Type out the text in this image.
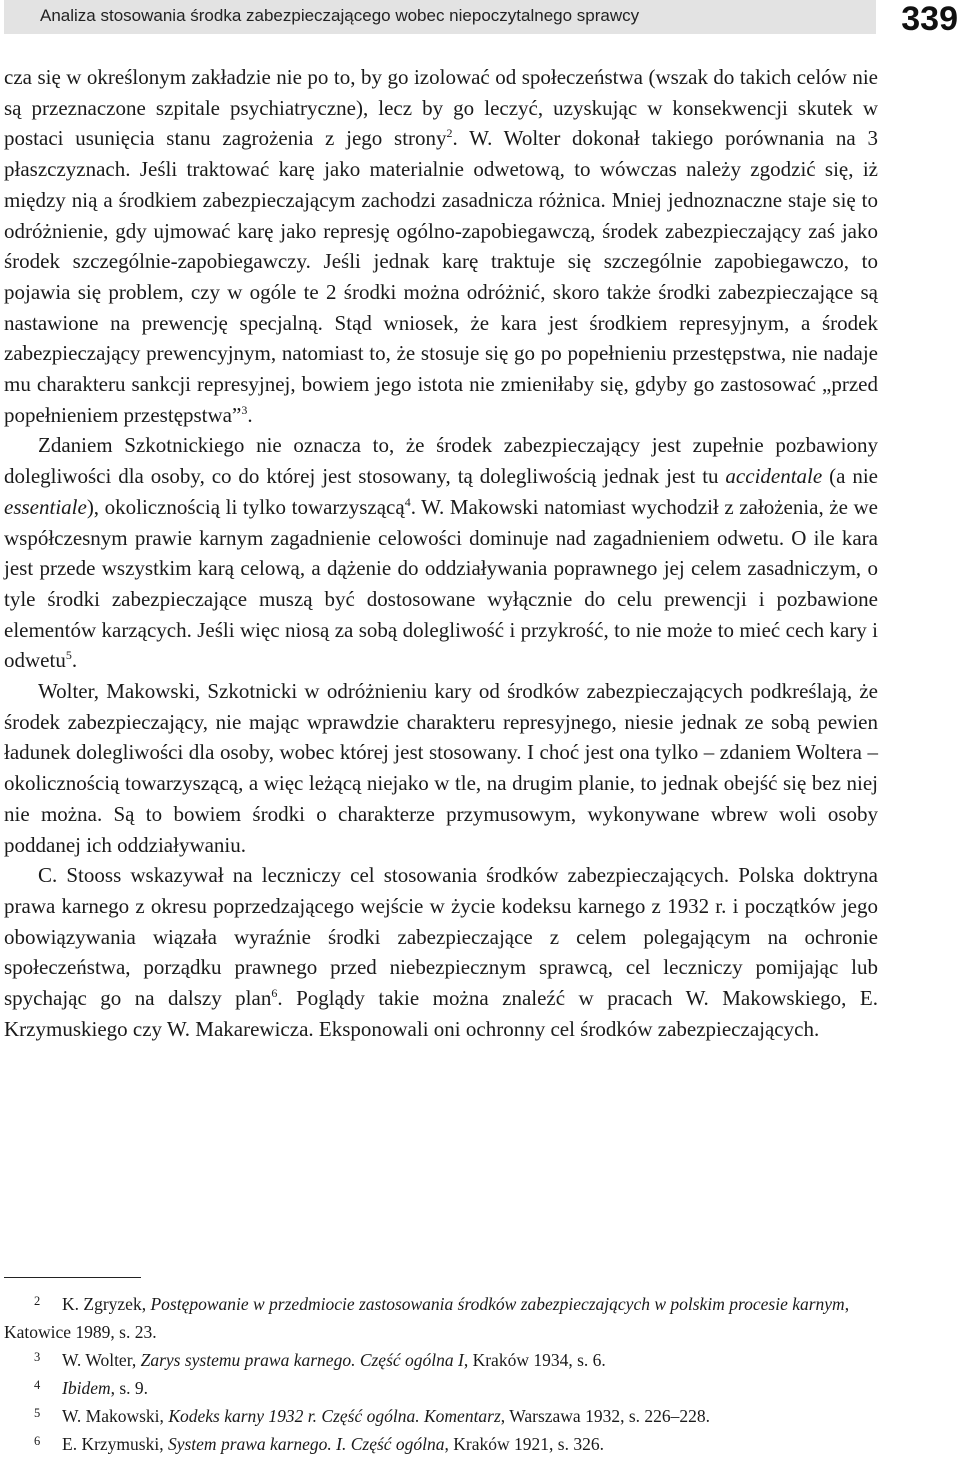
Analiza stosowania środka zabezpieczającego wobec niepoczytalnego sprawcy	339

cza się w określonym zakładzie nie po to, by go izolować od społeczeństwa (wszak do takich celów nie są przeznaczone szpitale psychiatryczne), lecz by go leczyć, uzyskując w konsekwencji skutek w postaci usunięcia stanu zagrożenia z jego strony$^2$. W. Wolter dokonał takiego porównania na 3 płaszczyznach. Jeśli traktować karę jako materialnie odwetową, to wówczas należy zgodzić się, iż między nią a środkiem zabezpieczającym zachodzi zasadnicza różnica. Mniej jednoznaczne staje się to odróżnienie, gdy ujmować karę jako represję ogólno-zapobiegawczą, środek zabezpieczający zaś jako środek szczególnie-zapobiegawczy. Jeśli jednak karę traktuje się szczególnie zapobiegawczo, to pojawia się problem, czy w ogóle te 2 środki można odróżnić, skoro także środki zabezpieczające są nastawione na prewencję specjalną. Stąd wniosek, że kara jest środkiem represyjnym, a środek zabezpieczający prewencyjnym, natomiast to, że stosuje się go po popełnieniu przestępstwa, nie nadaje mu charakteru sankcji represyjnej, bowiem jego istota nie zmieniłaby się, gdyby go zastosować „przed popełnieniem przestępstwa”$^3$.

Zdaniem Szkotnickiego nie oznacza to, że środek zabezpieczający jest zupełnie pozbawiony dolegliwości dla osoby, co do której jest stosowany, tą dolegliwością jednak jest tu accidentale (a nie essentiale), okolicznością li tylko towarzyszącą$^4$. W. Makowski natomiast wychodził z założenia, że we współczesnym prawie karnym zagadnienie celowości dominuje nad zagadnieniem odwetu. O ile kara jest przede wszystkim karą celową, a dążenie do oddziaływania poprawnego jej celem zasadniczym, o tyle środki zabezpieczające muszą być dostosowane wyłącznie do celu prewencji i pozbawione elementów karzących. Jeśli więc niosą za sobą dolegliwość i przykrość, to nie może to mieć cech kary i odwetu$^5$.

Wolter, Makowski, Szkotnicki w odróżnieniu kary od środków zabezpieczających podkreślają, że środek zabezpieczający, nie mając wprawdzie charakteru represyjnego, niesie jednak ze sobą pewien ładunek dolegliwości dla osoby, wobec której jest stosowany. I choć jest ona tylko – zdaniem Woltera – okolicznością towarzyszącą, a więc leżącą niejako w tle, na drugim planie, to jednak obejść się bez niej nie można. Są to bowiem środki o charakterze przymusowym, wykonywane wbrew woli osoby poddanej ich oddziaływaniu.

C. Stooss wskazywał na leczniczy cel stosowania środków zabezpieczających. Polska doktryna prawa karnego z okresu poprzedzającego wejście w życie kodeksu karnego z 1932 r. i początków jego obowiązywania wiązała wyraźnie środki zabezpieczające z celem polegającym na ochronie społeczeństwa, porządku prawnego przed niebezpiecznym sprawcą, cel leczniczy pomijając lub spychając go na dalszy plan$^6$. Poglądy takie można znaleźć w pracach W. Makowskiego, E. Krzymuskiego czy W. Makarewicza. Eksponowali oni ochronny cel środków zabezpieczających.

2 K. Zgryzek, Postępowanie w przedmiocie zastosowania środków zabezpieczających w polskim procesie karnym, Katowice 1989, s. 23.

3 W. Wolter, Zarys systemu prawa karnego. Część ogólna I, Kraków 1934, s. 6.

4 Ibidem, s. 9.

5 W. Makowski, Kodeks karny 1932 r. Część ogólna. Komentarz, Warszawa 1932, s. 226–228.

6 E. Krzymuski, System prawa karnego. I. Część ogólna, Kraków 1921, s. 326.
